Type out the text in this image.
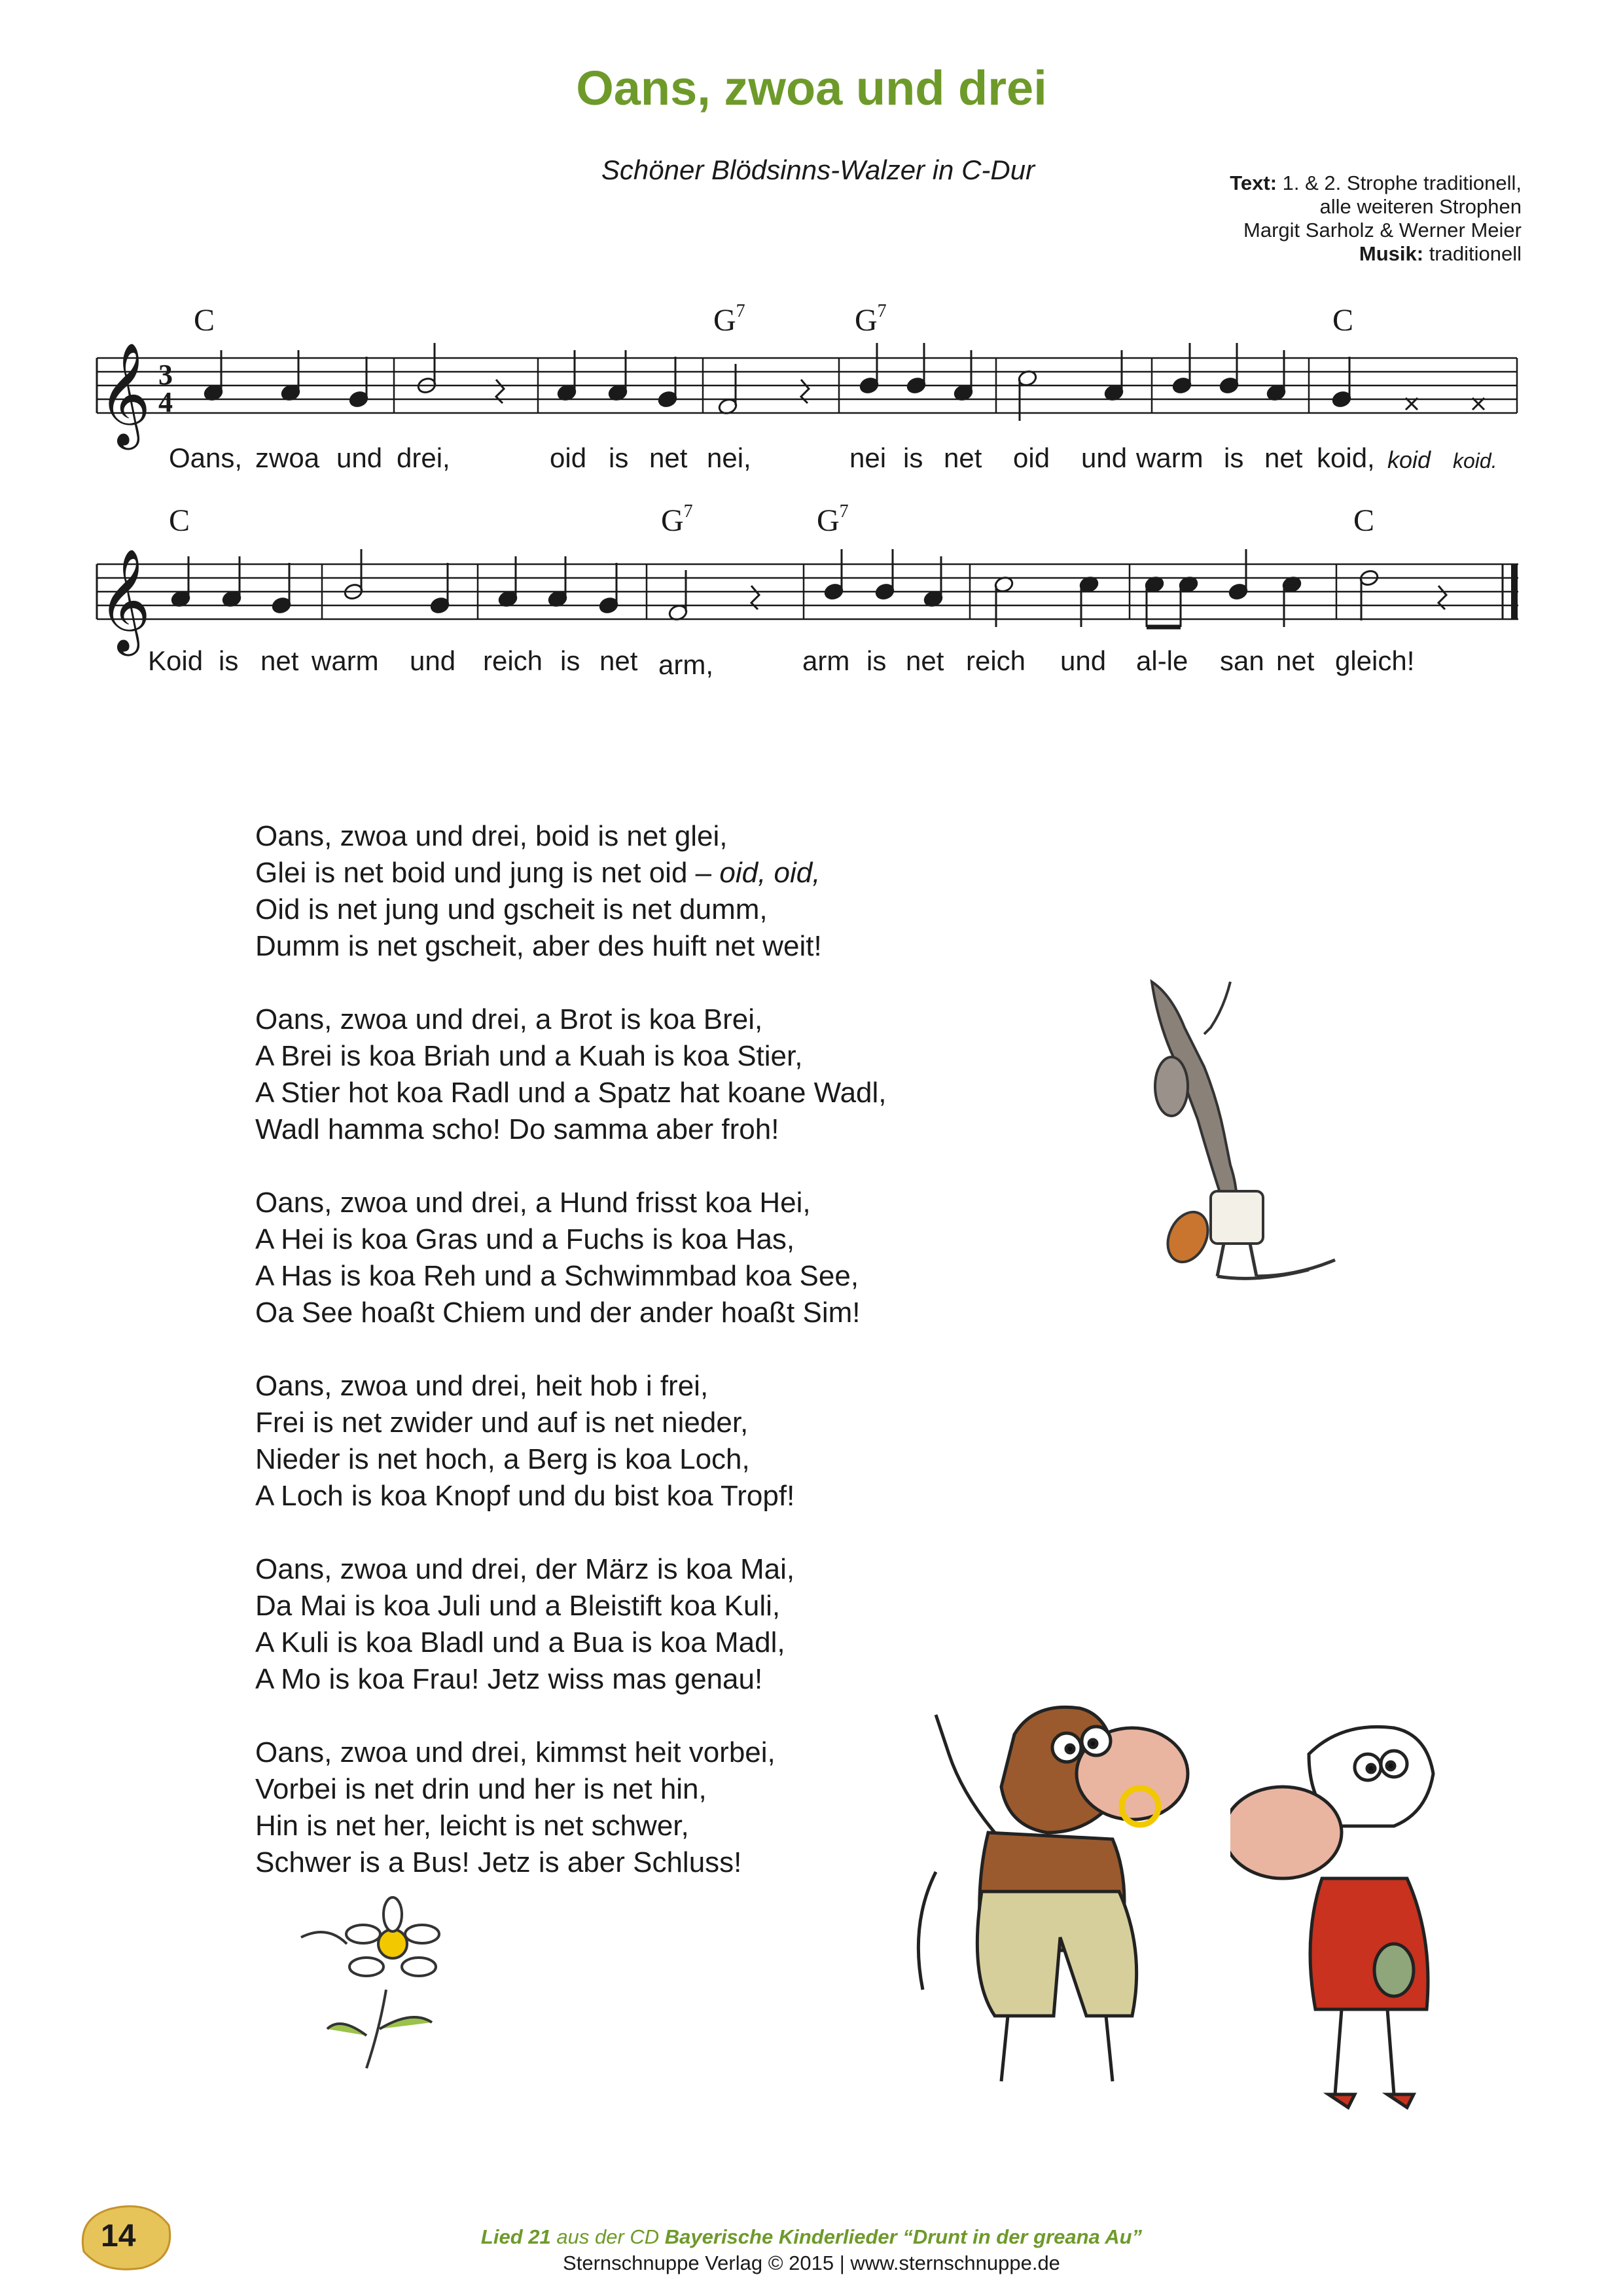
Oans, zwoa und drei
Schöner Blödsinns-Walzer in C-Dur	Text: 1. & 2. Strophe traditionell,
alle weiteren Strophen
Margit Sarholz & Werner Meier
Musik: traditionell
C	$G^7$	$G^7$	C
𝄞 3
4
Oans, zwoa und drei,	oid is net nei,	nei is net oid und warm is net koid, koid koid.
C	$G^7$	$G^7$	C
𝄞
Koid is net warm und reich is net arm,	arm is net reich und al-le san net gleich!
Oans, zwoa und drei, boid is net glei,
Glei is net boid und jung is net oid – oid, oid,
Oid is net jung und gscheit is net dumm,
Dumm is net gscheit, aber des huift net weit!
Oans, zwoa und drei, a Brot is koa Brei,
A Brei is koa Briah und a Kuah is koa Stier,
A Stier hot koa Radl und a Spatz hat koane Wadl,
Wadl hamma scho! Do samma aber froh!
Oans, zwoa und drei, a Hund frisst koa Hei,
A Hei is koa Gras und a Fuchs is koa Has,
A Has is koa Reh und a Schwimmbad koa See,
Oa See hoaßt Chiem und der ander hoaßt Sim!
Oans, zwoa und drei, heit hob i frei,
Frei is net zwider und auf is net nieder,
Nieder is net hoch, a Berg is koa Loch,
A Loch is koa Knopf und du bist koa Tropf!
Oans, zwoa und drei, der März is koa Mai,
Da Mai is koa Juli und a Bleistift koa Kuli,
A Kuli is koa Bladl und a Bua is koa Madl,
A Mo is koa Frau! Jetz wiss mas genau!
Oans, zwoa und drei, kimmst heit vorbei,
Vorbei is net drin und her is net hin,
Hin is net her, leicht is net schwer,
Schwer is a Bus! Jetz is aber Schluss!
14	Lied 21 aus der CD Bayerische Kinderlieder “Drunt in der greana Au”
Sternschnuppe Verlag © 2015 | www.sternschnuppe.de
